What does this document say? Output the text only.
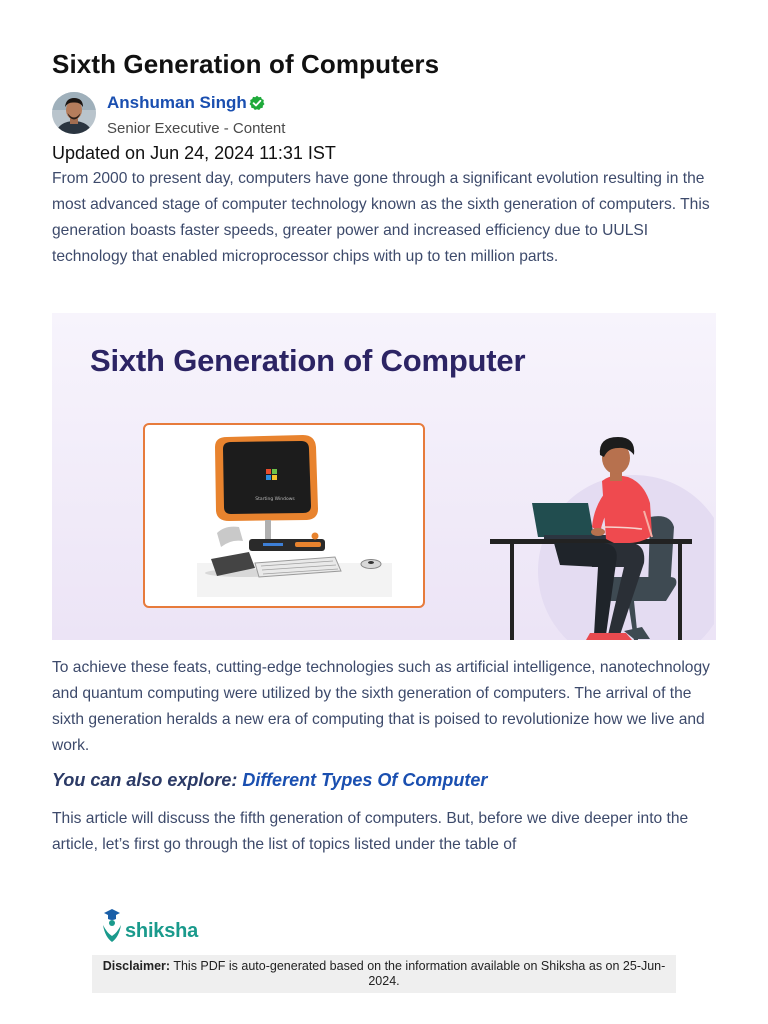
Sixth Generation of Computers
Anshuman Singh
Senior Executive - Content
Updated on Jun 24, 2024 11:31 IST
From 2000 to present day, computers have gone through a significant evolution resulting in the most advanced stage of computer technology known as the sixth generation of computers. This generation boasts faster speeds, greater power and increased efficiency due to UULSI technology that enabled microprocessor chips with up to ten million parts.
Sixth Generation of Computer
Starting Windows
To achieve these feats, cutting-edge technologies such as artificial intelligence, nanotechnology and quantum computing were utilized by the sixth generation of computers. The arrival of the sixth generation heralds a new era of computing that is poised to revolutionize how we live and work.
You can also explore: Different Types Of Computer
This article will discuss the fifth generation of computers. But, before we dive deeper into the article, let’s first go through the list of topics listed under the table of
shiksha
Disclaimer: This PDF is auto-generated based on the information available on Shiksha as on 25-Jun-2024.
